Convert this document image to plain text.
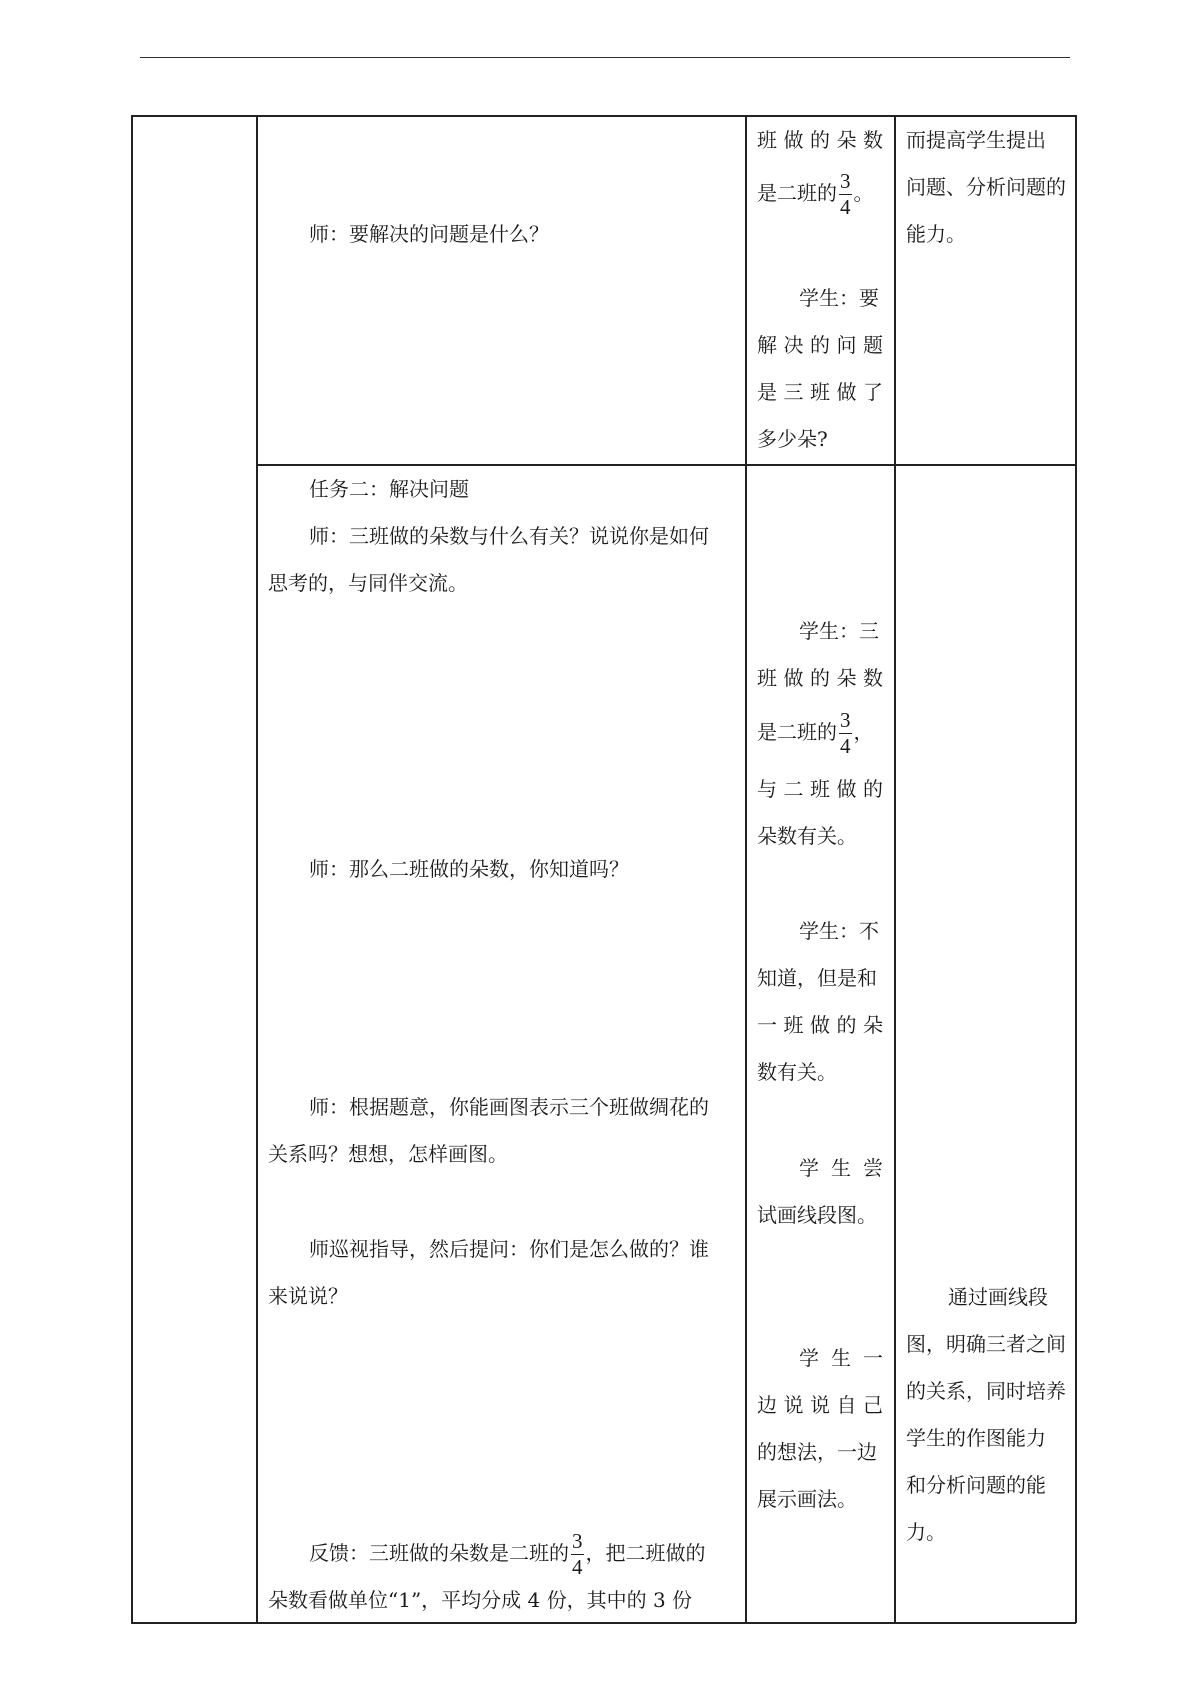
师：要解决的问题是什么？
班 做 的 朵 数
是二班的 $\frac{3}{4}$ 。
学生：要
解 决 的 问 题
是 三 班 做 了
多少朵?
而提高学生提出
问题、分析问题的
能力。
任务二：解决问题
师：三班做的朵数与什么有关？说说你是如何
思考的，与同伴交流。
师：那么二班做的朵数，你知道吗？
师：根据题意，你能画图表示三个班做绸花的
关系吗？想想，怎样画图。
师巡视指导，然后提问：你们是怎么做的？谁
来说说？
反馈：三班做的朵数是二班的 $\frac{3}{4}$ ，把二班做的
朵数看做单位“1”，平均分成 4 份，其中的 3 份
学生：三
班 做 的 朵 数
是二班的 $\frac{3}{4}$ ，
与 二 班 做 的
朵数有关。
学生：不
知道，但是和
一 班 做 的 朵
数有关。
学 生 尝
试画线段图。
学 生 一
边 说 说 自 己
的想法，一边
展示画法。
通过画线段
图，明确三者之间
的关系，同时培养
学生的作图能力
和分析问题的能
力。
